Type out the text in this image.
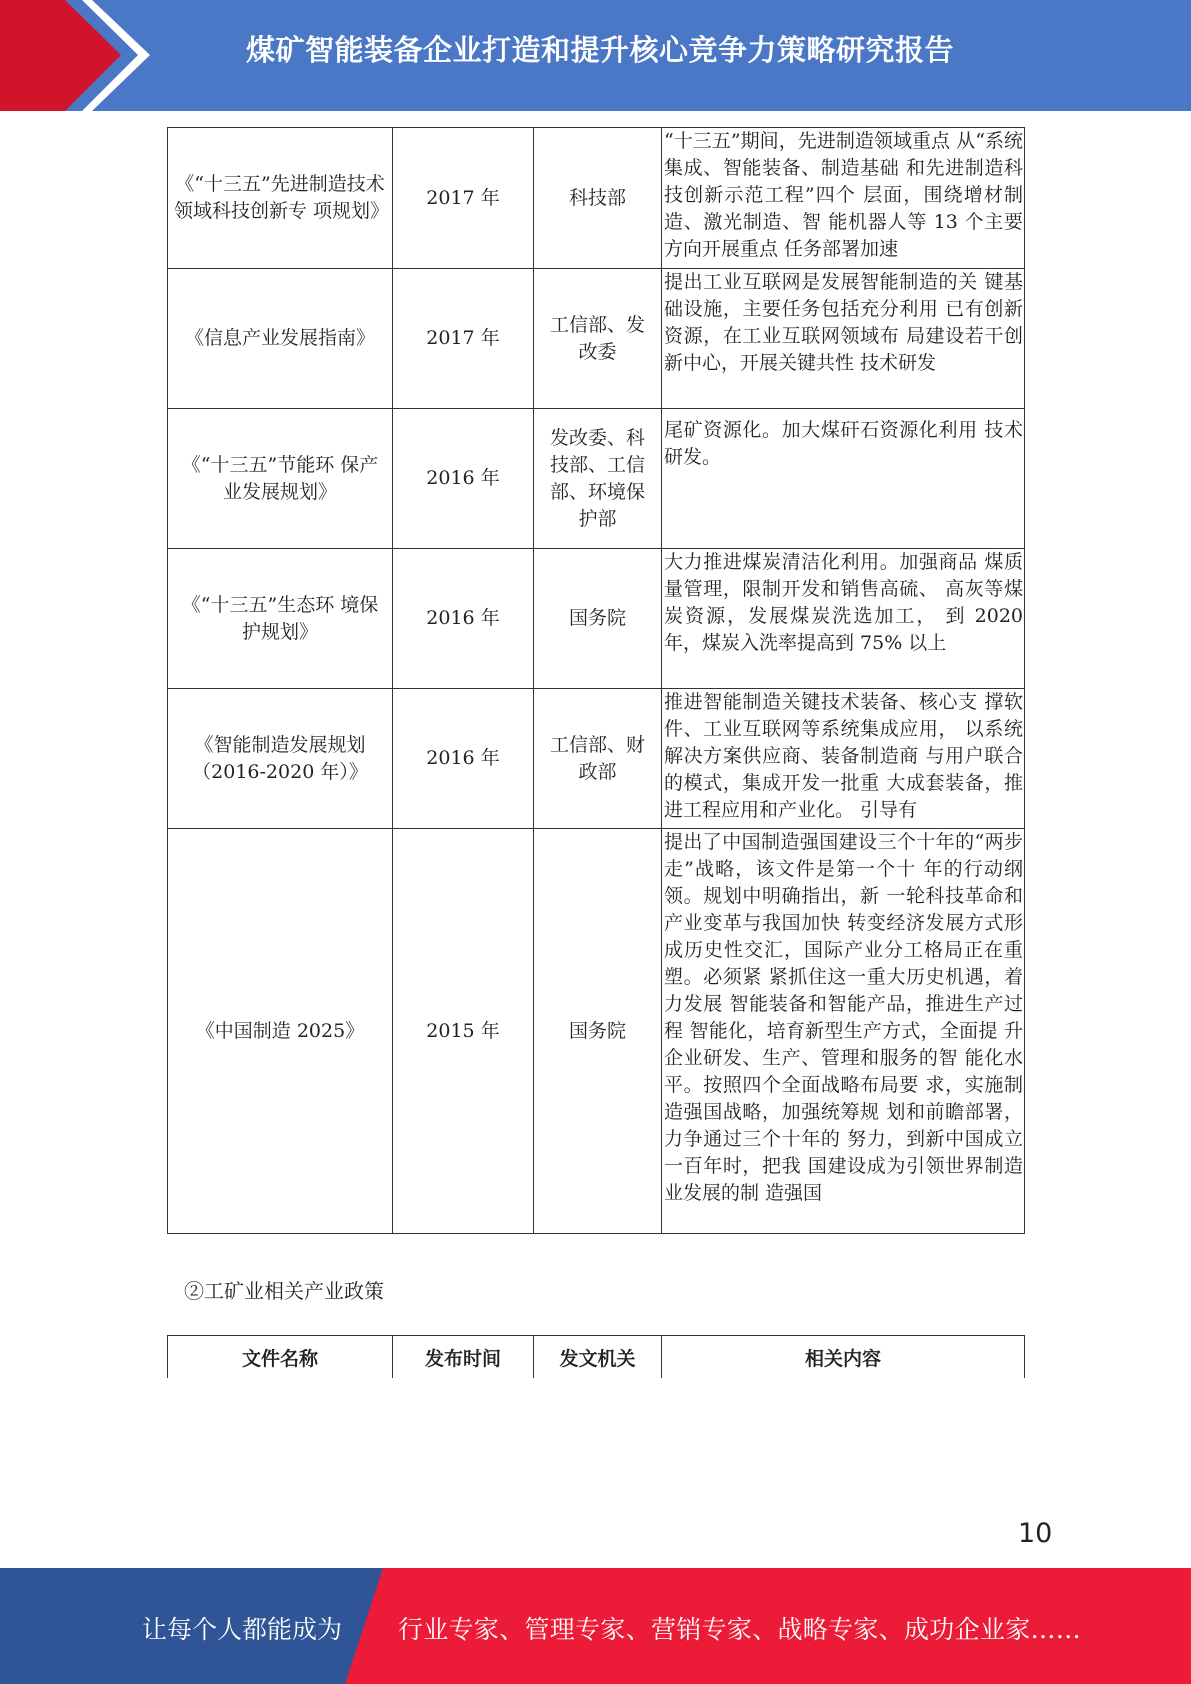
煤矿智能装备企业打造和提升核心竞争力策略研究报告
《“十三五”先进制造技术领域科技创新专 项规划》	2017 年	科技部	“十三五”期间，先进制造领域重点 从“系统集成、智能装备、制造基础 和先进制造科技创新示范工程”四个 层面，围绕增材制造、激光制造、智 能机器人等 13 个主要方向开展重点 任务部署加速
《信息产业发展指南》	2017 年	工信部、发改委	提出工业互联网是发展智能制造的关 键基础设施，主要任务包括充分利用 已有创新资源，在工业互联网领域布 局建设若干创新中心，开展关键共性 技术研发
《“十三五”节能环 保产业发展规划》	2016 年	发改委、科技部、工信部、环境保护部	尾矿资源化。加大煤矸石资源化利用 技术研发。
《“十三五”生态环 境保护规划》	2016 年	国务院	大力推进煤炭清洁化利用。加强商品 煤质量管理，限制开发和销售高硫、 高灰等煤炭资源，发展煤炭洗选加工， 到 2020 年，煤炭入洗率提高到 75% 以上
《智能制造发展规划（2016-2020 年）》	2016 年	工信部、财政部	推进智能制造关键技术装备、核心支 撑软件、工业互联网等系统集成应用， 以系统解决方案供应商、装备制造商 与用户联合的模式，集成开发一批重 大成套装备，推进工程应用和产业化。 引导有
《中国制造 2025》	2015 年	国务院	提出了中国制造强国建设三个十年的“两步走”战略，该文件是第一个十 年的行动纲领。规划中明确指出，新 一轮科技革命和产业变革与我国加快 转变经济发展方式形成历史性交汇，国际产业分工格局正在重塑。必须紧 紧抓住这一重大历史机遇，着力发展 智能装备和智能产品，推进生产过程 智能化，培育新型生产方式，全面提 升企业研发、生产、管理和服务的智 能化水平。按照四个全面战略布局要 求，实施制造强国战略，加强统筹规 划和前瞻部署，力争通过三个十年的 努力，到新中国成立一百年时，把我 国建设成为引领世界制造业发展的制 造强国
②工矿业相关产业政策
文件名称	发布时间	发文机关	相关内容
10
让每个人都能成为 行业专家、管理专家、营销专家、战略专家、成功企业家……
